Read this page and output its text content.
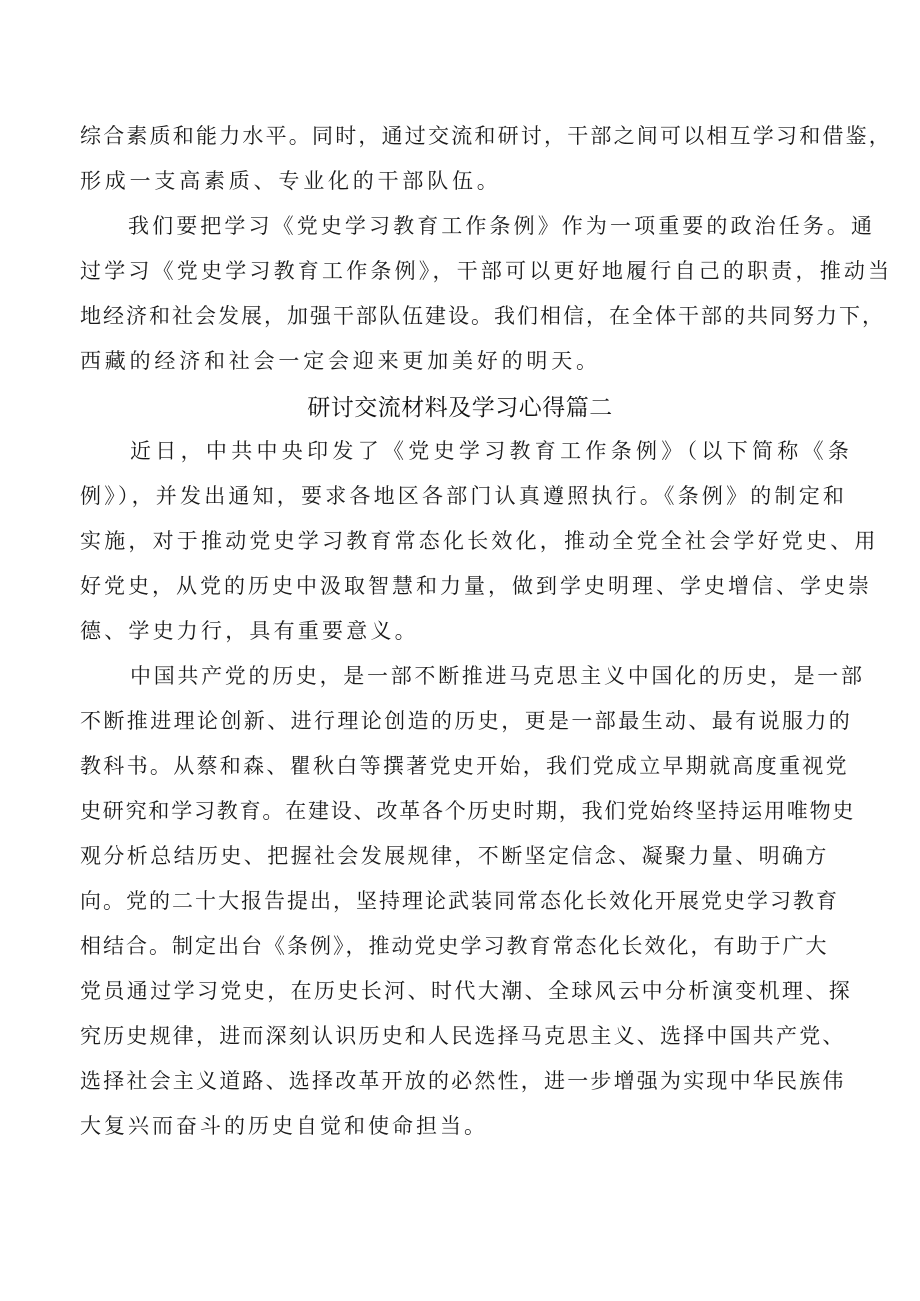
综合素质和能力水平。同时，通过交流和研讨，干部之间可以相互学习和借鉴，
形成一支高素质、专业化的干部队伍。
我们要把学习《党史学习教育工作条例》作为一项重要的政治任务。通
过学习《党史学习教育工作条例》，干部可以更好地履行自己的职责，推动当
地经济和社会发展，加强干部队伍建设。我们相信，在全体干部的共同努力下，
西藏的经济和社会一定会迎来更加美好的明天。
研讨交流材料及学习心得篇二
近日，中共中央印发了《党史学习教育工作条例》（以下简称《条
例》），并发出通知，要求各地区各部门认真遵照执行。《条例》的制定和
实施，对于推动党史学习教育常态化长效化，推动全党全社会学好党史、用
好党史，从党的历史中汲取智慧和力量，做到学史明理、学史增信、学史崇
德、学史力行，具有重要意义。
中国共产党的历史，是一部不断推进马克思主义中国化的历史，是一部
不断推进理论创新、进行理论创造的历史，更是一部最生动、最有说服力的
教科书。从蔡和森、瞿秋白等撰著党史开始，我们党成立早期就高度重视党
史研究和学习教育。在建设、改革各个历史时期，我们党始终坚持运用唯物史
观分析总结历史、把握社会发展规律，不断坚定信念、凝聚力量、明确方
向。党的二十大报告提出，坚持理论武装同常态化长效化开展党史学习教育
相结合。制定出台《条例》，推动党史学习教育常态化长效化，有助于广大
党员通过学习党史，在历史长河、时代大潮、全球风云中分析演变机理、探
究历史规律，进而深刻认识历史和人民选择马克思主义、选择中国共产党、
选择社会主义道路、选择改革开放的必然性，进一步增强为实现中华民族伟
大复兴而奋斗的历史自觉和使命担当。
